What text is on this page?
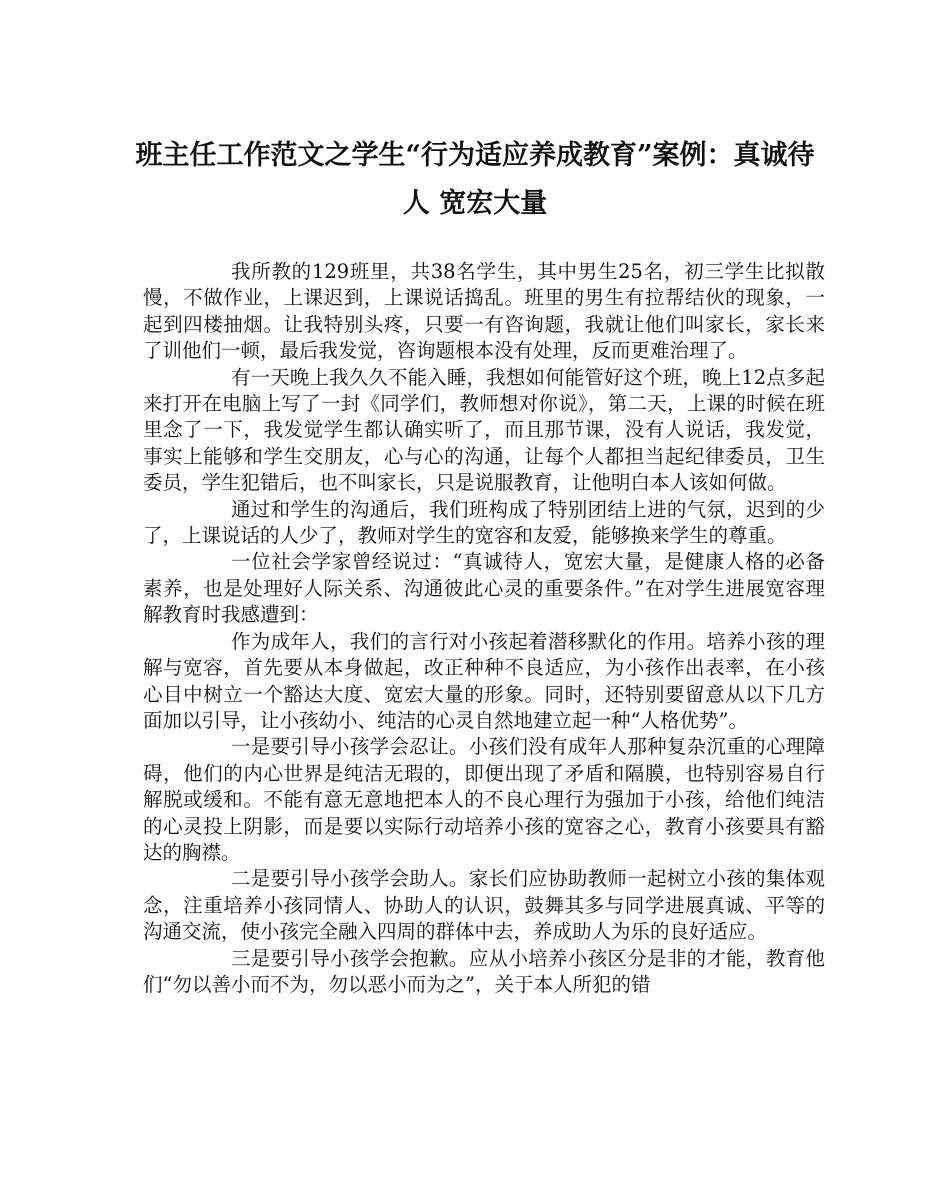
班主任工作范文之学生“行为适应养成教育”案例：真诚待人 宽宏大量

我所教的129班里，共38名学生，其中男生25名，初三学生比拟散慢，不做作业，上课迟到，上课说话捣乱。班里的男生有拉帮结伙的现象，一起到四楼抽烟。让我特别头疼，只要一有咨询题，我就让他们叫家长，家长来了训他们一顿，最后我发觉，咨询题根本没有处理，反而更难治理了。

有一天晚上我久久不能入睡，我想如何能管好这个班，晚上12点多起来打开在电脑上写了一封《同学们，教师想对你说》，第二天，上课的时候在班里念了一下，我发觉学生都认确实听了，而且那节课，没有人说话，我发觉，事实上能够和学生交朋友，心与心的沟通，让每个人都担当起纪律委员，卫生委员，学生犯错后，也不叫家长，只是说服教育，让他明白本人该如何做。

通过和学生的沟通后，我们班构成了特别团结上进的气氛，迟到的少了，上课说话的人少了，教师对学生的宽容和友爱，能够换来学生的尊重。

一位社会学家曾经说过：“真诚待人，宽宏大量，是健康人格的必备素养，也是处理好人际关系、沟通彼此心灵的重要条件。”在对学生进展宽容理解教育时我感遭到：

作为成年人，我们的言行对小孩起着潜移默化的作用。培养小孩的理解与宽容，首先要从本身做起，改正种种不良适应，为小孩作出表率，在小孩心目中树立一个豁达大度、宽宏大量的形象。同时，还特别要留意从以下几方面加以引导，让小孩幼小、纯洁的心灵自然地建立起一种“人格优势”。

一是要引导小孩学会忍让。小孩们没有成年人那种复杂沉重的心理障碍，他们的内心世界是纯洁无瑕的，即便出现了矛盾和隔膜，也特别容易自行解脱或缓和。不能有意无意地把本人的不良心理行为强加于小孩，给他们纯洁的心灵投上阴影，而是要以实际行动培养小孩的宽容之心，教育小孩要具有豁达的胸襟。

二是要引导小孩学会助人。家长们应协助教师一起树立小孩的集体观念，注重培养小孩同情人、协助人的认识，鼓舞其多与同学进展真诚、平等的沟通交流，使小孩完全融入四周的群体中去，养成助人为乐的良好适应。

三是要引导小孩学会抱歉。应从小培养小孩区分是非的才能，教育他们“勿以善小而不为，勿以恶小而为之”，关于本人所犯的错
